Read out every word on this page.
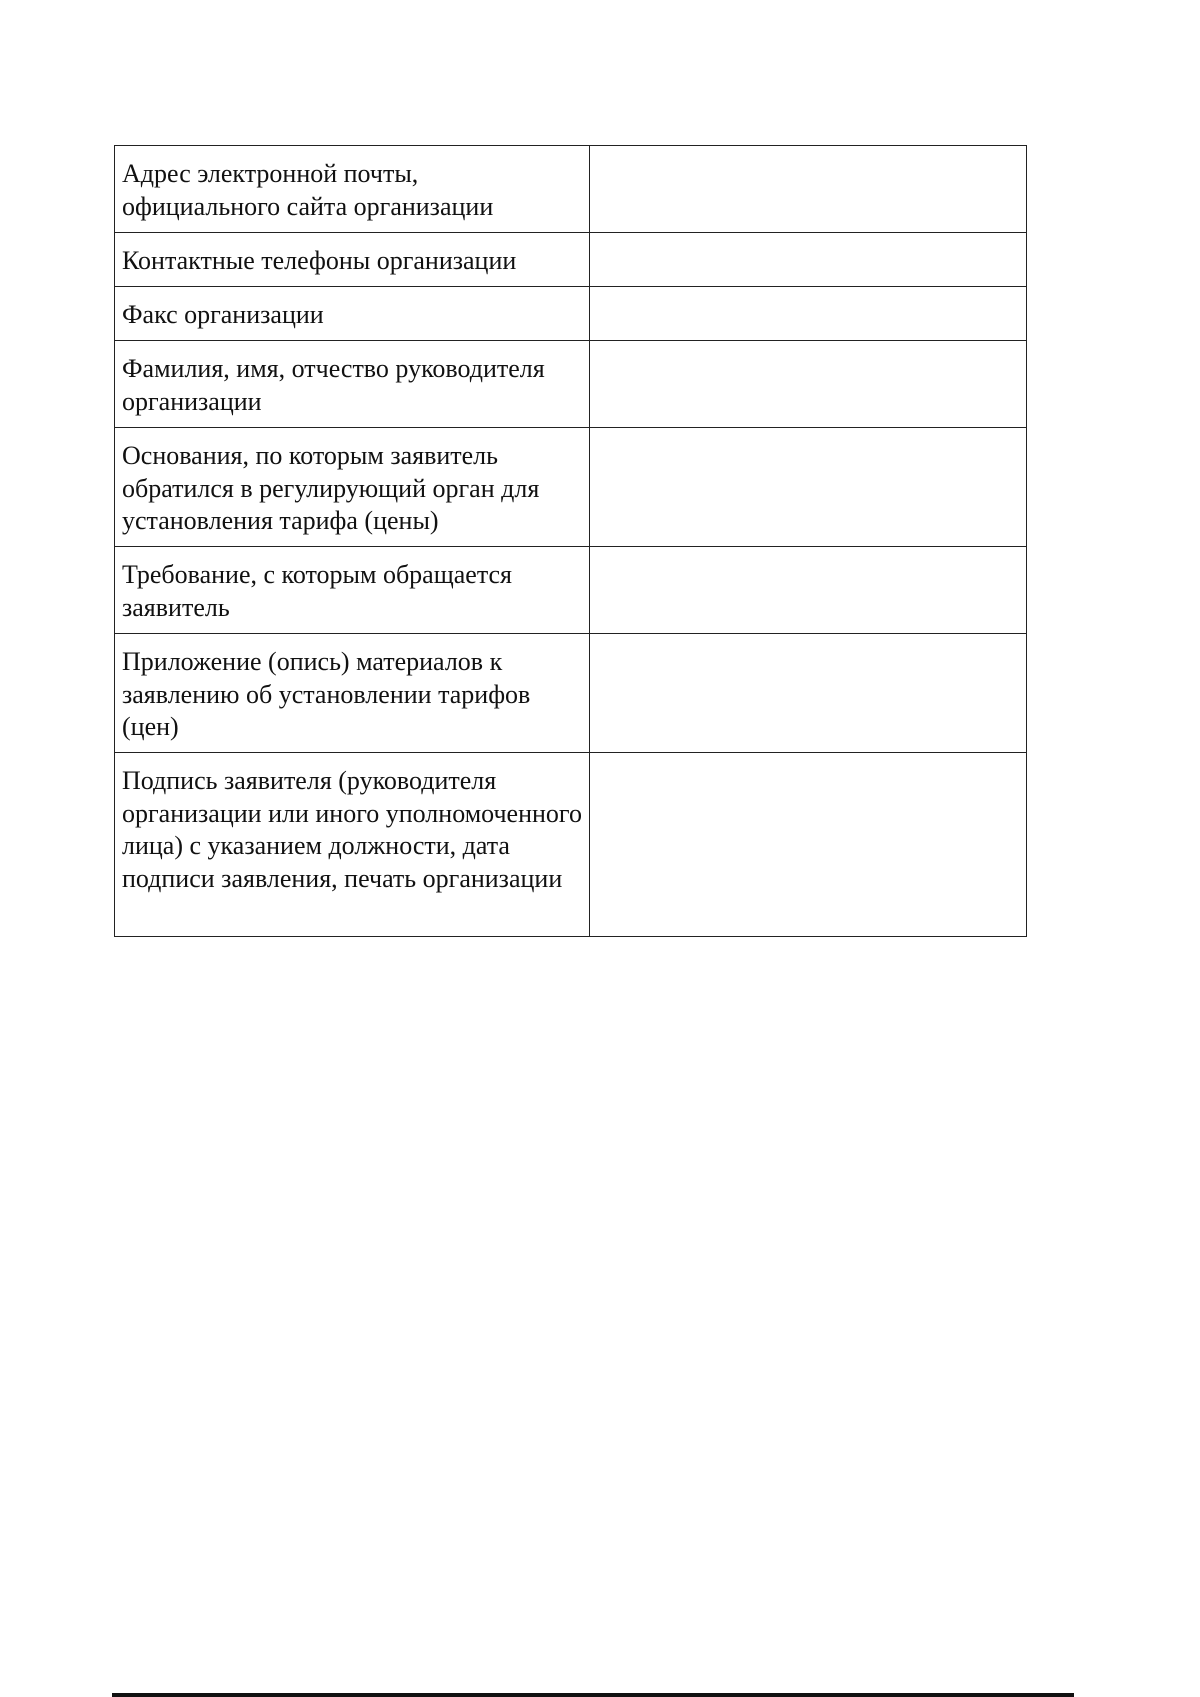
Адрес электронной почты, официального сайта организации	
Контактные телефоны организации	
Факс организации	
Фамилия, имя, отчество руководителя организации	
Основания, по которым заявитель обратился в регулирующий орган для установления тарифа (цены)	
Требование, с которым обращается заявитель	
Приложение (опись) материалов к заявлению об установлении тарифов (цен)	
Подпись заявителя (руководителя организации или иного уполномоченного лица) с указанием должности, дата подписи заявления, печать организации	
